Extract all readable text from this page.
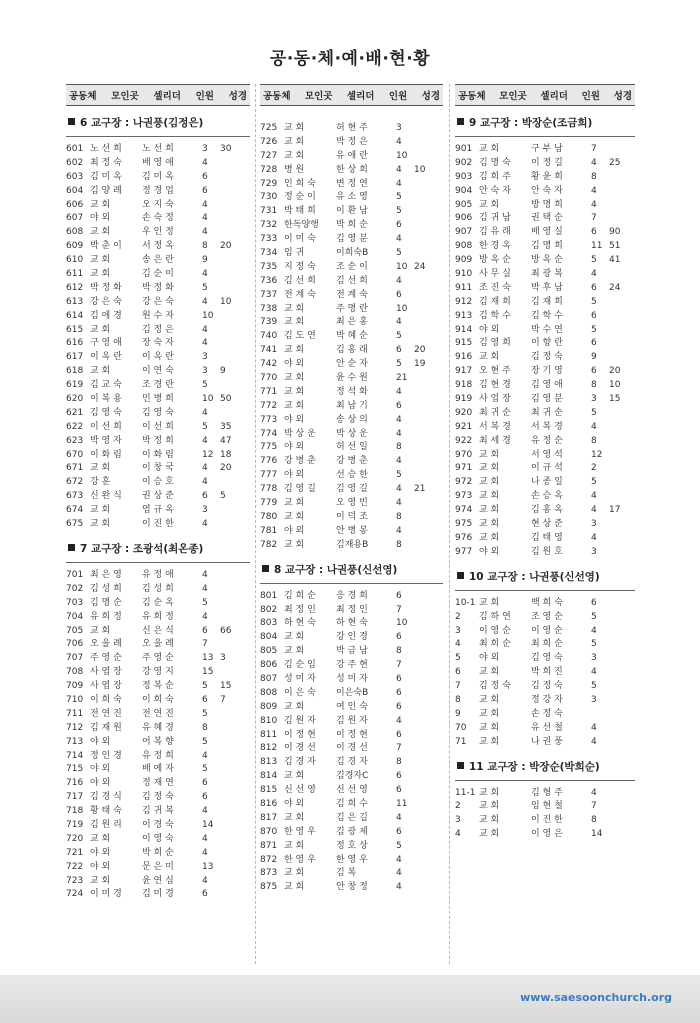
공·동·체·예·배·현·황
공동체 모인곳 셀리더 인원 성경
6 교구장 : 나권풍(김정은)
601 노 선 희	노 선 희	3	30
602 최 정 숙	배 영 애	4
603 김 미 옥	김 미 옥	6
604 김 양 례	정 경 업	6
606 교 회	오 지 숙	4
607 야 외	손 숙 정	4
608 교 회	우 인 정	4
609 박 춘 이	서 정 옥	8	20
610 교 회	송 은 란	9
611 교 회	김 순 이	4
612 박 정 화	박 정 화	5
613 강 은 숙	강 은 숙	4	10
614 김 애 경	원 수 자	10
615 교 회	김 정 은	4
616 구 영 애	장 숙 자	4
617 이 옥 란	이 옥 란	3
618 교 회	이 연 숙	3	9
619 김 교 숙	조 경 란	5
620 이 복 용	민 병 희	10 50
621 김 영 숙	김 영 숙	4
622 이 선 희	이 선 희	5	35
623 박 영 자	박 정 희	4	47
670 이 화 림	이 화 림	12 18
671 교 회	이 창 국	4	20
672 강 훈	이 승 호	4
673 신 완 식	권 상 준	6	5
674 교 회	염 규 옥	3
675 교 회	이 진 한	4
7 교구장 : 조광석(최온종)
701 최 은 영	유 정 애	4
702 김 성 희	김 성 희	4
703 김 명 순	김 순 옥	5
704 유 희 정	유 희 정	4
705 교 회	신 은 식	6	66
706 오 을 례	오 을 례	7
707 주 영 순	주 영 순	13 3
708 사 엽 장	강 영 지	15
709 사 엽 장	정 복 순	5	15
710 이 희 숙	이 희 숙	6	7
711 전 연 진	전 연 진	5
712 김 재 원	유 혜 경	8
713 야 외	어 복 향	5
714 정 인 경	유 정 희	4
715 야 외	배 예 자	5
716 야 외	정 재 연	6
717 김 경 식	김 정 숙	6
718 황 태 숙	김 귀 복	4
719 김 원 리	이 경 숙	14
720 교 회	이 영 숙	4
721 야 외	박 희 순	4
722 야 외	문 은 미	13
723 교 회	윤 연 심	4
724 이 미 경	김 미 경	6
공동체 모인곳 셀리더 인원 성경
725 교 회	허 현 주	3
726 교 회	박 정 은	4
727 교 회	유 애 란	10
728 병 원	한 상 희	4	10
729 인 희 숙	변 정 연	4
730 정 순 이	유 소 영	5
731 박 태 희	이 환 남	5
732 한독양행	박 희 순	6
733 이 미 숙	김 영 분	4
734 임 귀	이희숙B	5
735 지 정 숙	조 순 이	10 24
736 김 선 희	김 선 희	4
737 전 계 숙	전 계 숙	6
738 교 회	주 명 란	10
739 교 회	최 은 홍	4
740 김 도 연	박 혜 순	5
741 교 회	김 홍 래	6	20
742 야 외	안 순 자	5	19
770 교 회	윤 수 원	21
771 교 회	정 석 화	4
772 교 회	최 남 기	6
773 야 외	송 상 의	4
774 박 상 운	박 상 운	4
775 야 외	허 선 일	8
776 강 병 춘	강 병 춘	4
777 야 외	선 승 한	5
778 김 영 길	김 영 길	4	21
779 교 회	오 영 빈	4
780 교 회	이 덕 조	8
781 야 외	안 병 봉	4
782 교 회	김재용B	8
8 교구장 : 나권풍(신선영)
801 김 희 순	응 경 희	6
802 최 정 인	최 정 인	7
803 하 현 숙	하 현 숙	10
804 교 회	강 인 경	6
805 교 회	박 금 남	8
806 김 순 임	강 주 현	7
807 성 미 자	성 미 자	6
808 이 은 숙	이은숙B	6
809 교 회	여 인 숙	6
810 김 원 자	김 원 자	4
811 이 정 현	이 정 현	6
812 이 경 선	이 경 선	7
813 김 경 자	김 경 자	8
814 교 회	김경자C	6
815 신 선 영	신 선 영	6
816 야 외	김 희 수	11
817 교 회	김 은 길	4
870 한 영 우	김 광 제	6
871 교 회	정 호 상	5
872 한 영 우	한 영 우	4
873 교 회	김 복	4
875 교 회	안 창 정	4
공동체 모인곳 셀리더 인원 성경
9 교구장 : 박장순(조금희)
901 교 회	구 부 남	7
902 김 명 숙	이 정 길	4	25
903 김 희 주	황 윤 희	8
904 안 숙 자	안 숙 자	4
905 교 회	방 명 희	4
906 김 귀 남	권 택 순	7
907 김 유 래	배 영 실	6	90
908 한 경 옥	김 명 희	11 51
909 방 옥 순	방 옥 순	5	41
910 사 무 실	최 광 복	4
911 조 진 숙	박 후 남	6	24
912 김 재 희	김 재 희	5
913 김 학 수	김 학 수	6
914 야 외	박 수 연	5
915 김 영 희	이 향 란	6
916 교 회	김 정 숙	9
917 오 현 주	장 기 영	6	20
918 김 현 경	김 영 애	8	10
919 사 업 장	김 영 분	3	15
920 최 귀 순	최 귀 순	5
921 서 복 경	서 복 경	4
922 최 세 경	유 정 순	8
970 교 회	서 영 석	12
971 교 회	이 규 석	2
972 교 회	나 종 일	5
973 교 회	손 승 옥	4
974 교 회	김 홍 옥	4	17
975 교 회	현 상 준	3
976 교 회	김 태 영	4
977 야 외	김 원 호	3
10 교구장 : 나권풍(신선영)
10-1 교 회	백 희 숙	6
2	김 하 연	조 영 순	5
3	이 영 순	이 영 순	4
4	최 희 순	최 희 순	5
5	야 외	김 영 숙	3
6	교 회	박 희 진	4
7	김 정 숙	김 정 숙	5
8	교 회	정 강 자	3
9	교 회	손 정 숙
70	교 회	유 선 철	4
71	교 회	나 권 풍	4
11 교구장 : 박장순(박희순)
11-1 교 회	김 형 주	4
2	교 회	임 현 철	7
3	교 회	이 진 한	8
4	교 회	이 영 은	14
www.saesoonchurch.org
